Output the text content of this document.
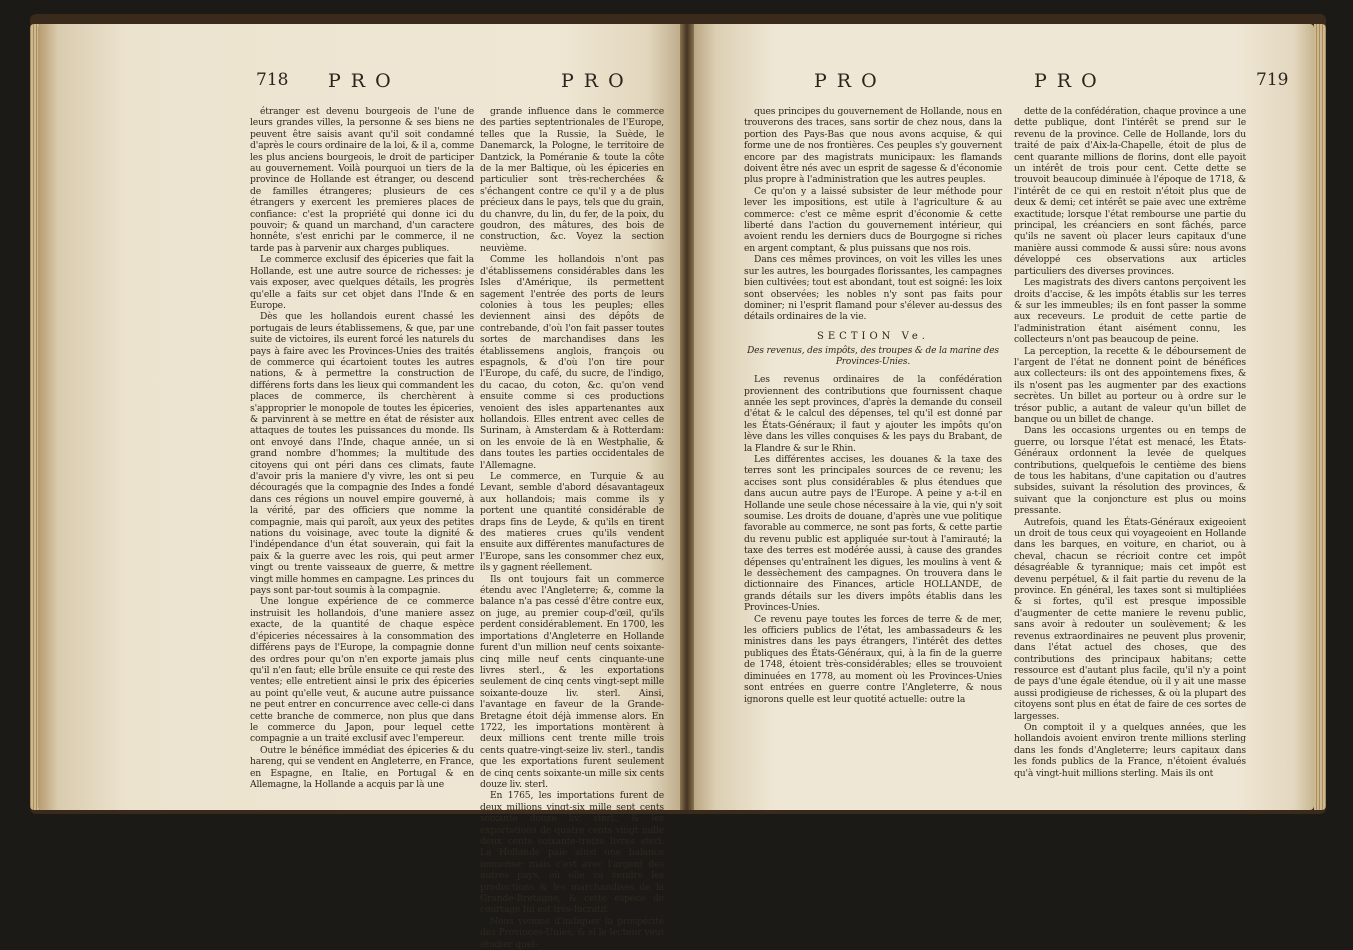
718 PRO	PRO

étranger est devenu bourgeois de l'une de leurs grandes villes, la personne & ses biens ne peuvent être saisis avant qu'il soit condamné d'après le cours ordinaire de la loi, & il a, comme les plus anciens bourgeois, le droit de participer au gouvernement. Voilà pourquoi un tiers de la province de Hollande est étranger, ou descend de familles étrangeres; plusieurs de ces étrangers y exercent les premieres places de confiance: c'est la propriété qui donne ici du pouvoir; & quand un marchand, d'un caractere honnête, s'est enrichi par le commerce, il ne tarde pas à parvenir aux charges publiques.

Le commerce exclusif des épiceries que fait la Hollande, est une autre source de richesses: je vais exposer, avec quelques détails, les progrès qu'elle a faits sur cet objet dans l'Inde & en Europe.

Dès que les hollandois eurent chassé les portugais de leurs établissemens, & que, par une suite de victoires, ils eurent forcé les naturels du pays à faire avec les Provinces-Unies des traités de commerce qui écartoient toutes les autres nations, & à permettre la construction de différens forts dans les lieux qui commandent les places de commerce, ils cherchèrent à s'approprier le monopole de toutes les épiceries, & parvinrent à se mettre en état de résister aux attaques de toutes les puissances du monde. Ils ont envoyé dans l'Inde, chaque année, un si grand nombre d'hommes; la multitude des citoyens qui ont péri dans ces climats, faute d'avoir pris la maniere d'y vivre, les ont si peu découragés que la compagnie des Indes a fondé dans ces régions un nouvel empire gouverné, à la vérité, par des officiers que nomme la compagnie, mais qui paroît, aux yeux des petites nations du voisinage, avec toute la dignité & l'indépendance d'un état souverain, qui fait la paix & la guerre avec les rois, qui peut armer vingt ou trente vaisseaux de guerre, & mettre vingt mille hommes en campagne. Les princes du pays sont par-tout soumis à la compagnie.

Une longue expérience de ce commerce instruisit les hollandois, d'une maniere assez exacte, de la quantité de chaque espèce d'épiceries nécessaires à la consommation des différens pays de l'Europe, la compagnie donne des ordres pour qu'on n'en exporte jamais plus qu'il n'en faut; elle brûle ensuite ce qui reste des ventes; elle entretient ainsi le prix des épiceries au point qu'elle veut, & aucune autre puissance ne peut entrer en concurrence avec celle-ci dans cette branche de commerce, non plus que dans le commerce du Japon, pour lequel cette compagnie a un traité exclusif avec l'empereur.

Outre le bénéfice immédiat des épiceries & du hareng, qui se vendent en Angleterre, en France, en Espagne, en Italie, en Portugal & en Allemagne, la Hollande a acquis par là une

grande influence dans le commerce des parties septentrionales de l'Europe, telles que la Russie, la Suède, le Danemarck, la Pologne, le territoire de Dantzick, la Poméranie & toute la côte de la mer Baltique, où les épiceries en particulier sont très-recherchées & s'échangent contre ce qu'il y a de plus précieux dans le pays, tels que du grain, du chanvre, du lin, du fer, de la poix, du goudron, des mâtures, des bois de construction, &c. Voyez la section neuvième.

Comme les hollandois n'ont pas d'établissemens considérables dans les Isles d'Amérique, ils permettent sagement l'entrée des ports de leurs colonies à tous les peuples; elles deviennent ainsi des dépôts de contrebande, d'où l'on fait passer toutes sortes de marchandises dans les établissemens anglois, françois ou espagnols, & d'où l'on tire pour l'Europe, du café, du sucre, de l'indigo, du cacao, du coton, &c. qu'on vend ensuite comme si ces productions venoient des isles appartenantes aux hollandois. Elles entrent avec celles de Surinam, à Amsterdam & à Rotterdam: on les envoie de là en Westphalie, & dans toutes les parties occidentales de l'Allemagne.

Le commerce, en Turquie & au Levant, semble d'abord désavantageux aux hollandois; mais comme ils y portent une quantité considérable de draps fins de Leyde, & qu'ils en tirent des matieres crues qu'ils vendent ensuite aux différentes manufactures de l'Europe, sans les consommer chez eux, ils y gagnent réellement.

Ils ont toujours fait un commerce étendu avec l'Angleterre; &, comme la balance n'a pas cessé d'être contre eux, on juge, au premier coup-d'œil, qu'ils perdent considérablement. En 1700, les importations d'Angleterre en Hollande furent d'un million neuf cents soixante-cinq mille neuf cents cinquante-une livres sterl., & les exportations seulement de cinq cents vingt-sept mille soixante-douze liv. sterl. Ainsi, l'avantage en faveur de la Grande-Bretagne étoit déjà immense alors. En 1722, les importations montèrent à deux millions cent trente mille trois cents quatre-vingt-seize liv. sterl., tandis que les exportations furent seulement de cinq cents soixante-un mille six cents douze liv. sterl.

En 1765, les importations furent de deux millions vingt-six mille sept cents soixante douze liv. sterl., & les exportations de quatre cents vingt mille deux cents soixante-treize livres sterl. La Hollande paie ainsi une balance immense; mais c'est avec l'argent des autres pays, où elle va vendre les productions & les marchandises de la Grande-Bretagne, & cette espèce de courtage lui est très-lucratif.

Nous venons d'indiquer la prospérité des Provinces-Unies; & si le lecteur veut étudier quel-

PRO	PRO	719

ques principes du gouvernement de Hollande, nous en trouverons des traces, sans sortir de chez nous, dans la portion des Pays-Bas que nous avons acquise, & qui forme une de nos frontières. Ces peuples s'y gouvernent encore par des magistrats municipaux: les flamands doivent être nés avec un esprit de sagesse & d'économie plus propre à l'administration que les autres peuples.

Ce qu'on y a laissé subsister de leur méthode pour lever les impositions, est utile à l'agriculture & au commerce: c'est ce même esprit d'économie & cette liberté dans l'action du gouvernement intérieur, qui avoient rendu les derniers ducs de Bourgogne si riches en argent comptant, & plus puissans que nos rois.

Dans ces mêmes provinces, on voit les villes les unes sur les autres, les bourgades florissantes, les campagnes bien cultivées; tout est abondant, tout est soigné: les loix sont observées; les nobles n'y sont pas faits pour dominer; ni l'esprit flamand pour s'élever au-dessus des détails ordinaires de la vie.

SECTION Ve.
Des revenus, des impôts, des troupes & de la marine des Provinces-Unies.

Les revenus ordinaires de la confédération proviennent des contributions que fournissent chaque année les sept provinces, d'après la demande du conseil d'état & le calcul des dépenses, tel qu'il est donné par les États-Généraux; il faut y ajouter les impôts qu'on lève dans les villes conquises & les pays du Brabant, de la Flandre & sur le Rhin.

Les différentes accises, les douanes & la taxe des terres sont les principales sources de ce revenu; les accises sont plus considérables & plus étendues que dans aucun autre pays de l'Europe. A peine y a-t-il en Hollande une seule chose nécessaire à la vie, qui n'y soit soumise. Les droits de douane, d'après une vue politique favorable au commerce, ne sont pas forts, & cette partie du revenu public est appliquée sur-tout à l'amirauté; la taxe des terres est modérée aussi, à cause des grandes dépenses qu'entraînent les digues, les moulins à vent & le dessèchement des campagnes. On trouvera dans le dictionnaire des Finances, article HOLLANDE, de grands détails sur les divers impôts établis dans les Provinces-Unies.

Ce revenu paye toutes les forces de terre & de mer, les officiers publics de l'état, les ambassadeurs & les ministres dans les pays étrangers, l'intérêt des dettes publiques des États-Généraux, qui, à la fin de la guerre de 1748, étoient très-considérables; elles se trouvoient diminuées en 1778, au moment où les Provinces-Unies sont entrées en guerre contre l'Angleterre, & nous ignorons quelle est leur quotité actuelle: outre la

dette de la confédération, chaque province a une dette publique, dont l'intérêt se prend sur le revenu de la province. Celle de Hollande, lors du traité de paix d'Aix-la-Chapelle, étoit de plus de cent quarante millions de florins, dont elle payoit un intérêt de trois pour cent. Cette dette se trouvoit beaucoup diminuée à l'époque de 1718, & l'intérêt de ce qui en restoit n'étoit plus que de deux & demi; cet intérêt se paie avec une extrême exactitude; lorsque l'état rembourse une partie du principal, les créanciers en sont fâchés, parce qu'ils ne savent où placer leurs capitaux d'une manière aussi commode & aussi sûre: nous avons développé ces observations aux articles particuliers des diverses provinces.

Les magistrats des divers cantons perçoivent les droits d'accise, & les impôts établis sur les terres & sur les immeubles; ils en font passer la somme aux receveurs. Le produit de cette partie de l'administration étant aisément connu, les collecteurs n'ont pas beaucoup de peine.

La perception, la recette & le déboursement de l'argent de l'état ne donnent point de bénéfices aux collecteurs: ils ont des appointemens fixes, & ils n'osent pas les augmenter par des exactions secrètes. Un billet au porteur ou à ordre sur le trésor public, a autant de valeur qu'un billet de banque ou un billet de change.

Dans les occasions urgentes ou en temps de guerre, ou lorsque l'état est menacé, les États-Généraux ordonnent la levée de quelques contributions, quelquefois le centième des biens de tous les habitans, d'une capitation ou d'autres subsides, suivant la résolution des provinces, & suivant que la conjoncture est plus ou moins pressante.

Autrefois, quand les États-Généraux exigeoient un droit de tous ceux qui voyageoient en Hollande dans les barques, en voiture, en chariot, ou à cheval, chacun se récrioit contre cet impôt désagréable & tyrannique; mais cet impôt est devenu perpétuel, & il fait partie du revenu de la province. En général, les taxes sont si multipliées & si fortes, qu'il est presque impossible d'augmenter de cette maniere le revenu public, sans avoir à redouter un soulèvement; & les revenus extraordinaires ne peuvent plus provenir, dans l'état actuel des choses, que des contributions des principaux habitans; cette ressource est d'autant plus facile, qu'il n'y a point de pays d'une égale étendue, où il y ait une masse aussi prodigieuse de richesses, & où la plupart des citoyens sont plus en état de faire de ces sortes de largesses.

On comptoit il y a quelques années, que les hollandois avoient environ trente millions sterling dans les fonds d'Angleterre; leurs capitaux dans les fonds publics de la France, n'étoient évalués qu'à vingt-huit millions sterling. Mais ils ont
